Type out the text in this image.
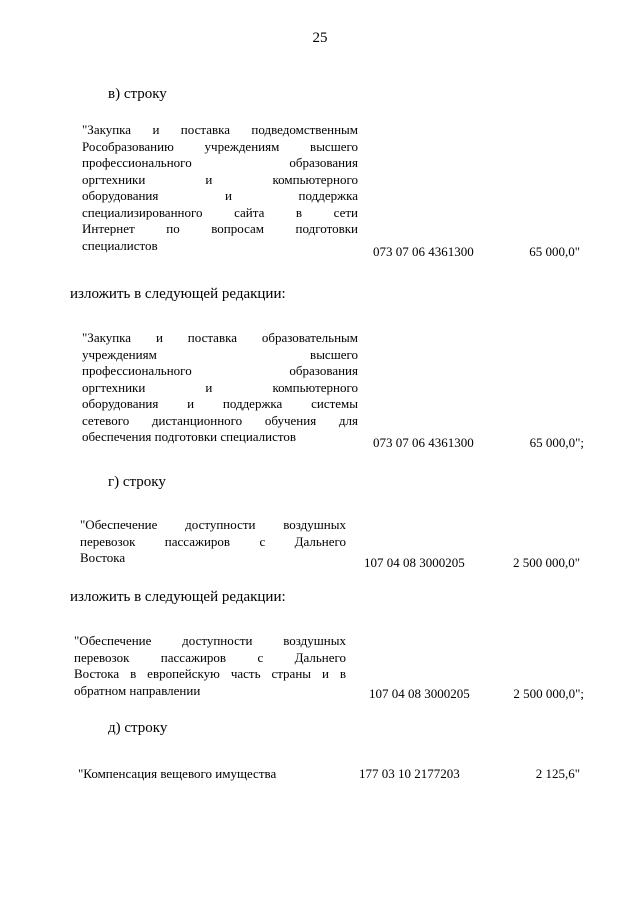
25
в) строку
"Закупка и поставка подведомственным
Рособразованию учреждениям высшего
профессионального образования
оргтехники и компьютерного
оборудования и поддержка
специализированного сайта в сети
Интернет по вопросам подготовки
специалистов	073 07 06 4361300	65 000,0"
изложить в следующей редакции:
"Закупка и поставка образовательным
учреждениям высшего
профессионального образования
оргтехники и компьютерного
оборудования и поддержка системы
сетевого дистанционного обучения для
обеспечения подготовки специалистов	073 07 06 4361300	65 000,0";
г) строку
"Обеспечение доступности воздушных
перевозок пассажиров с Дальнего
Востока	107 04 08 3000205	2 500 000,0"
изложить в следующей редакции:
"Обеспечение доступности воздушных
перевозок пассажиров с Дальнего
Востока в европейскую часть страны и в
обратном направлении	107 04 08 3000205	2 500 000,0";
д) строку
"Компенсация вещевого имущества	177 03 10 2177203	2 125,6"
